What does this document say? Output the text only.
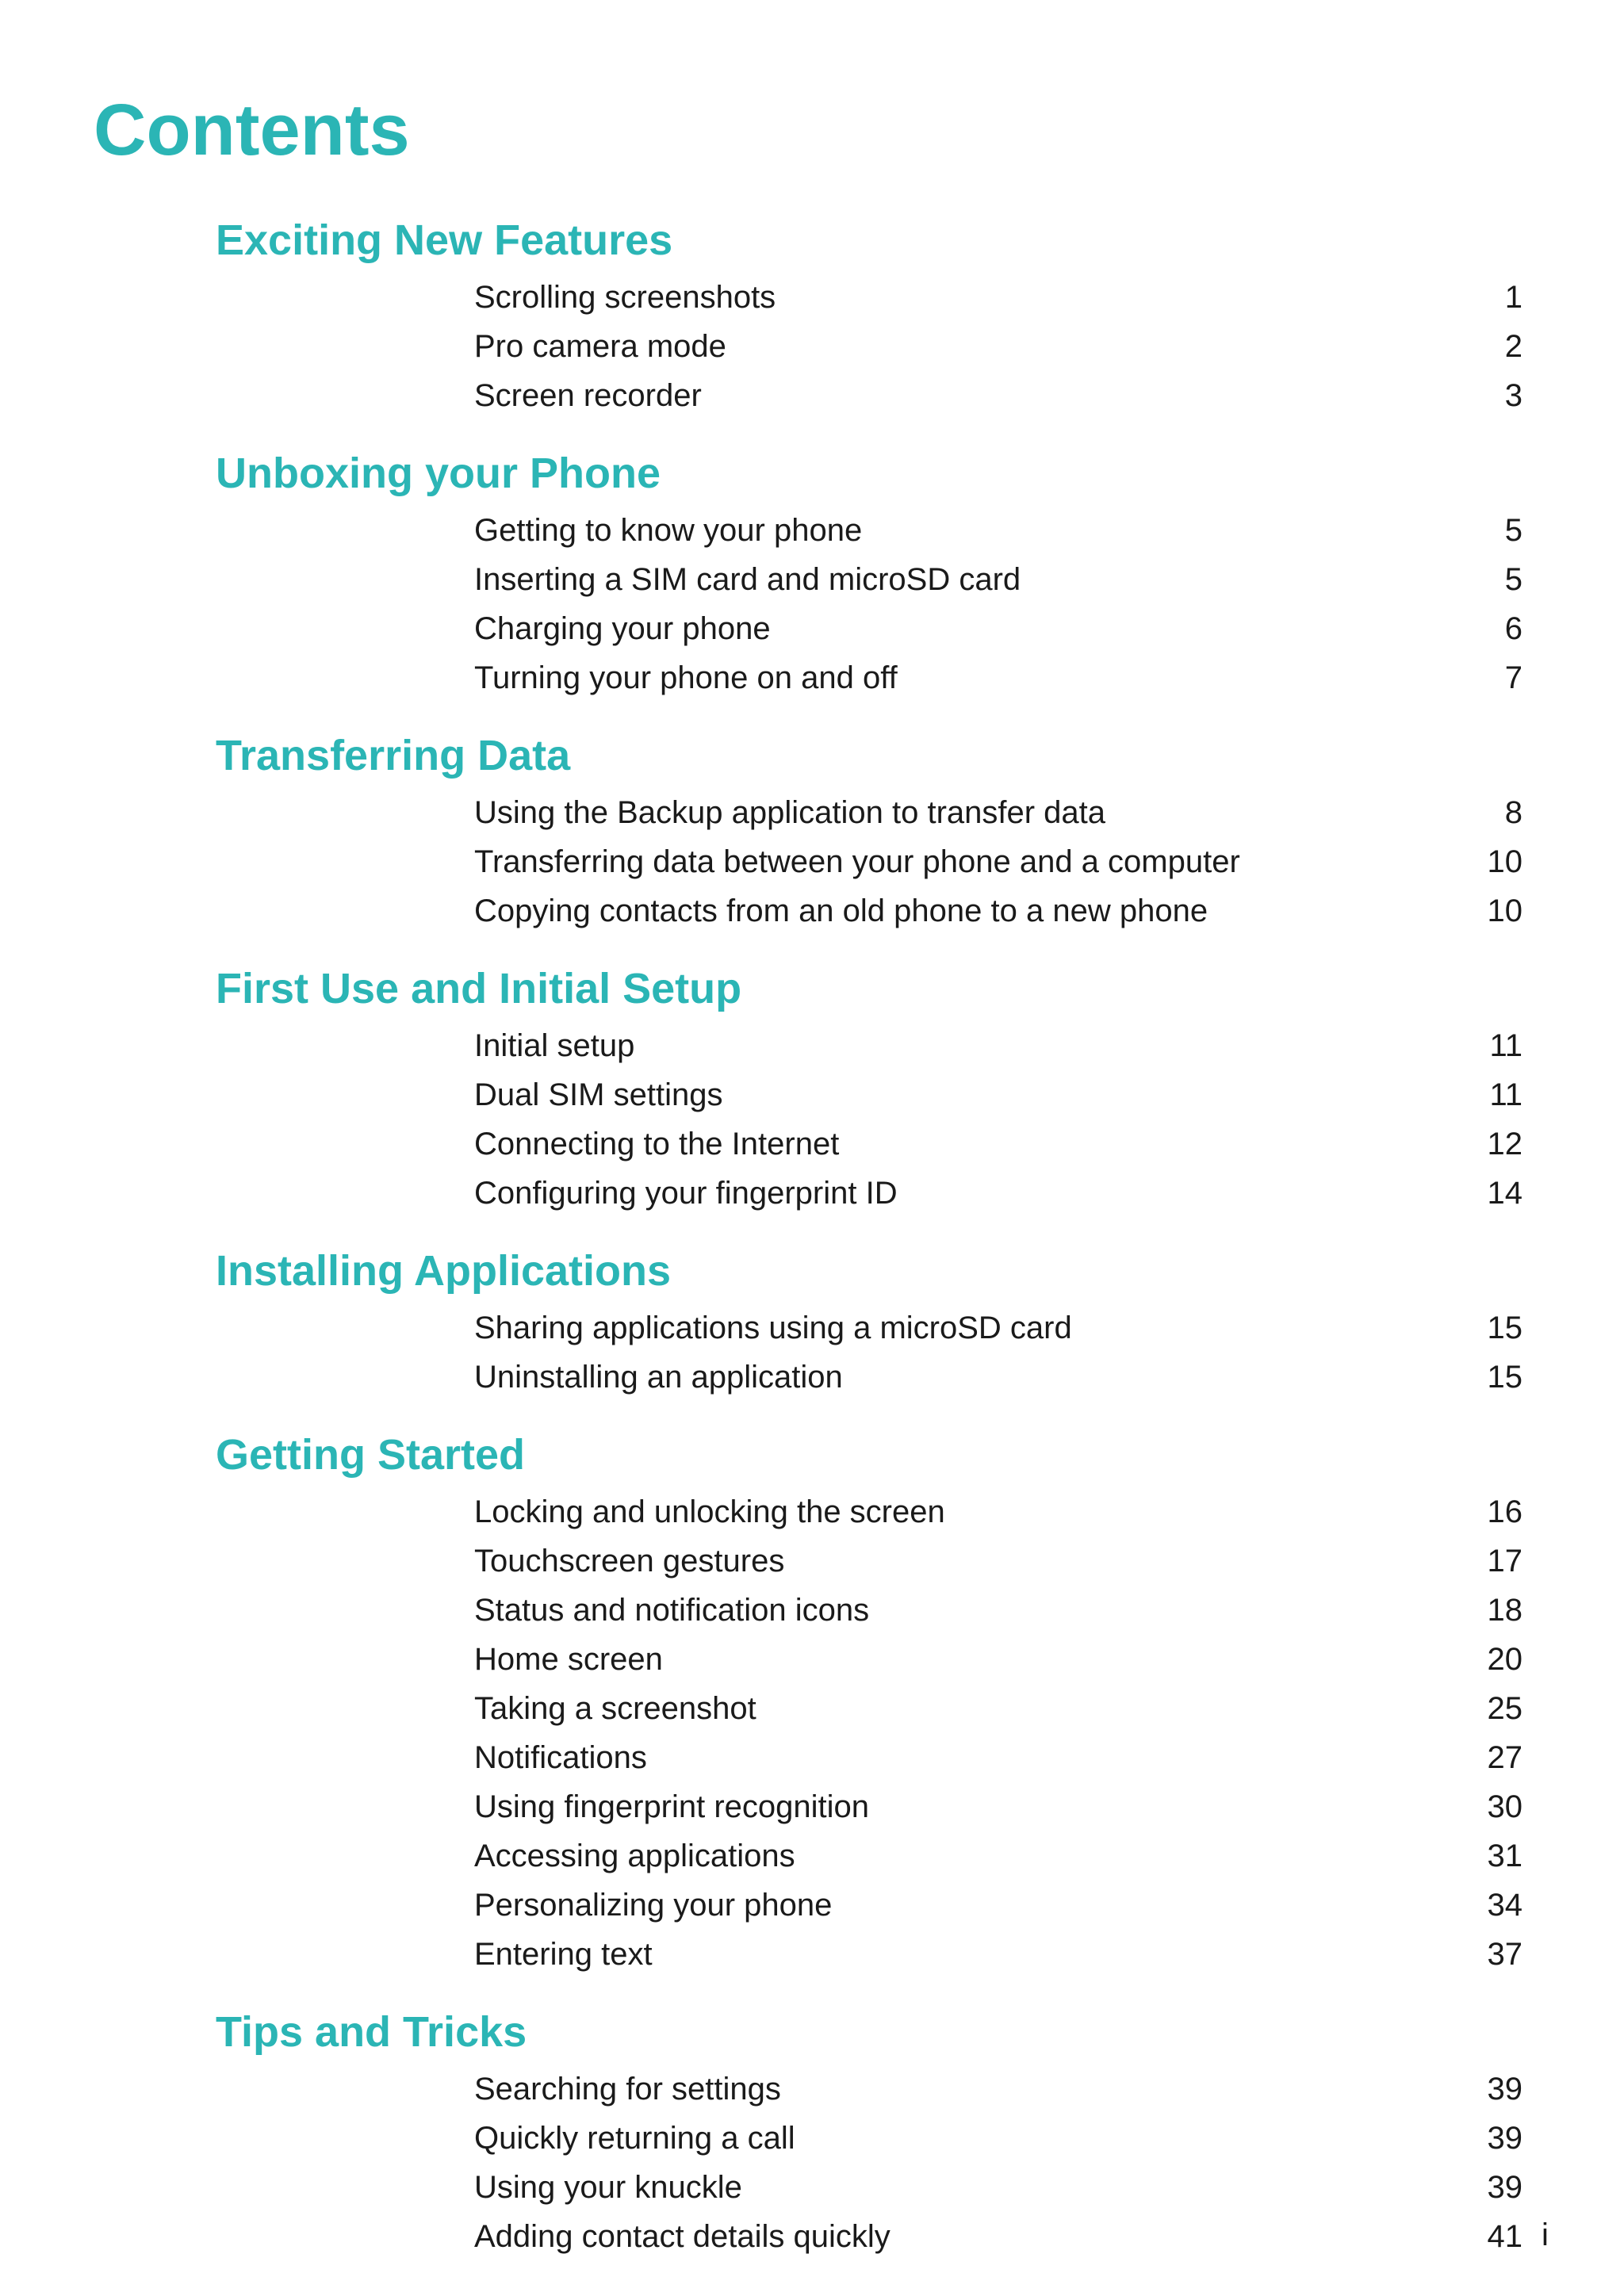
Contents
Exciting New Features
Scrolling screenshots	1
Pro camera mode	2
Screen recorder	3
Unboxing your Phone
Getting to know your phone	5
Inserting a SIM card and microSD card	5
Charging your phone	6
Turning your phone on and off	7
Transferring Data
Using the Backup application to transfer data	8
Transferring data between your phone and a computer	10
Copying contacts from an old phone to a new phone	10
First Use and Initial Setup
Initial setup	11
Dual SIM settings	11
Connecting to the Internet	12
Configuring your fingerprint ID	14
Installing Applications
Sharing applications using a microSD card	15
Uninstalling an application	15
Getting Started
Locking and unlocking the screen	16
Touchscreen gestures	17
Status and notification icons	18
Home screen	20
Taking a screenshot	25
Notifications	27
Using fingerprint recognition	30
Accessing applications	31
Personalizing your phone	34
Entering text	37
Tips and Tricks
Searching for settings	39
Quickly returning a call	39
Using your knuckle	39
Adding contact details quickly	41 i
